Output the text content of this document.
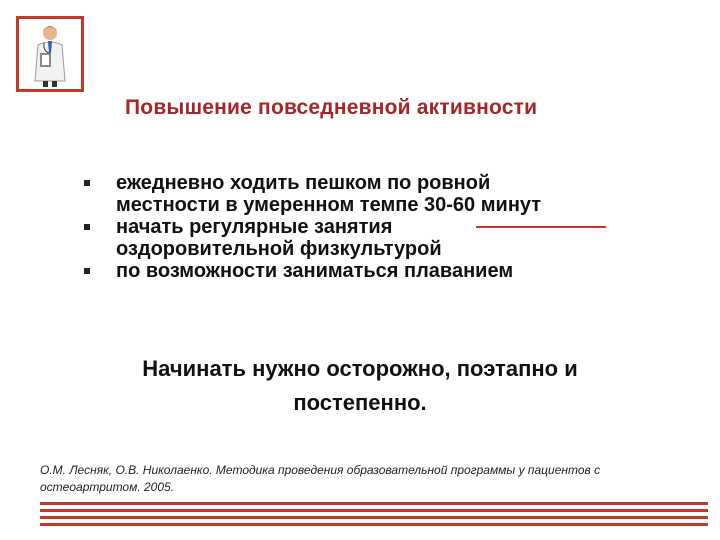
Повышение повседневной активности
ежедневно ходить пешком по ровной
местности в умеренном темпе 30-60 минут
начать регулярные занятия
оздоровительной физкультурой
по возможности заниматься плаванием
Начинать нужно осторожно, поэтапно и
постепенно.
О.М. Лесняк, О.В. Николаенко. Методика проведения образовательной программы у пациентов с
остеоартритом. 2005.
